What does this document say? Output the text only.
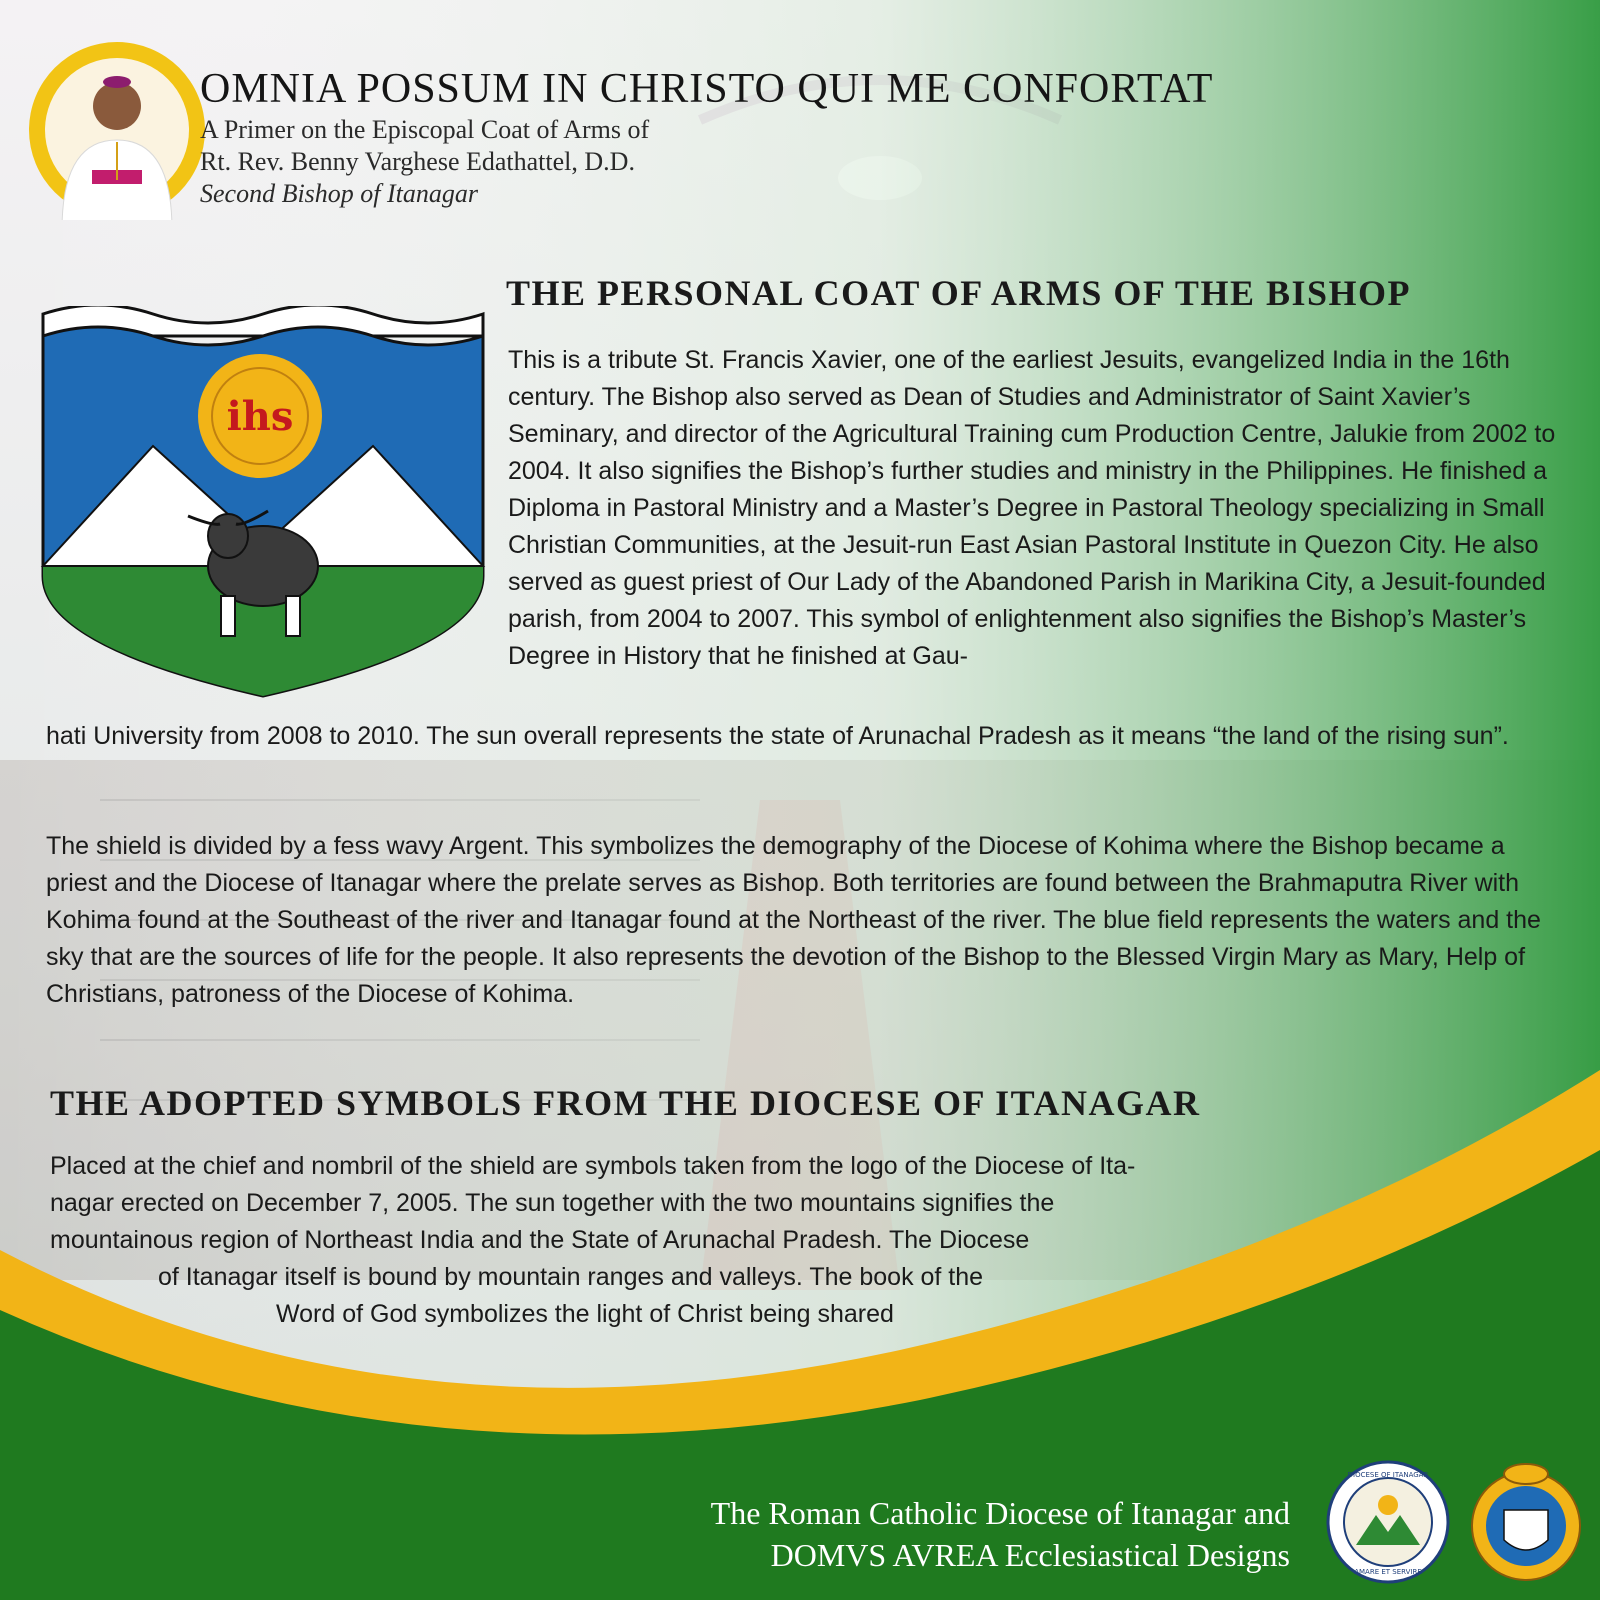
OMNIA POSSUM IN CHRISTO QUI ME CONFORTAT

A Primer on the Episcopal Coat of Arms of

Rt. Rev. Benny Varghese Edathattel, D.D.

Second Bishop of Itanagar

ihs
THE PERSONAL COAT OF ARMS OF THE BISHOP

This is a tribute St. Francis Xavier, one of the earliest Jesuits, evangelized India in the 16th century. The Bishop also served as Dean of Studies and Administrator of Saint Xavier’s Seminary, and director of the Agricultural Training cum Production Centre, Jalukie from 2002 to 2004. It also signifies the Bishop’s further studies and ministry in the Philippines. He finished a Diploma in Pastoral Ministry and a Master’s Degree in Pastoral Theology specializing in Small Christian Communities, at the Jesuit-run East Asian Pastoral Institute in Quezon City. He also served as guest priest of Our Lady of the Abandoned Parish in Marikina City, a Jesuit-founded parish, from 2004 to 2007. This symbol of enlightenment also signifies the Bishop’s Master’s Degree in History that he finished at Gau-

hati University from 2008 to 2010. The sun overall represents the state of Arunachal Pradesh as it means “the land of the rising sun”.

The shield is divided by a fess wavy Argent. This symbolizes the demography of the Diocese of Kohima where the Bishop became a priest and the Diocese of Itanagar where the prelate serves as Bishop. Both territories are found between the Brahmaputra River with Kohima found at the Southeast of the river and Itanagar found at the Northeast of the river. The blue field represents the waters and the sky that are the sources of life for the people. It also represents the devotion of the Bishop to the Blessed Virgin Mary as Mary, Help of Christians, patroness of the Diocese of Kohima.

THE ADOPTED SYMBOLS FROM THE DIOCESE OF ITANAGAR

Placed at the chief and nombril of the shield are symbols taken from the logo of the Diocese of Ita-

nagar erected on December 7, 2005. The sun together with the two mountains signifies the

mountainous region of Northeast India and the State of Arunachal Pradesh. The Diocese

of Itanagar itself is bound by mountain ranges and valleys. The book of the

Word of God symbolizes the light of Christ being shared

The Roman Catholic Diocese of Itanagar and
DOMVS AVREA Ecclesiastical Designs
DIOCESE OF ITANAGAR
AMARE ET SERVIRE
